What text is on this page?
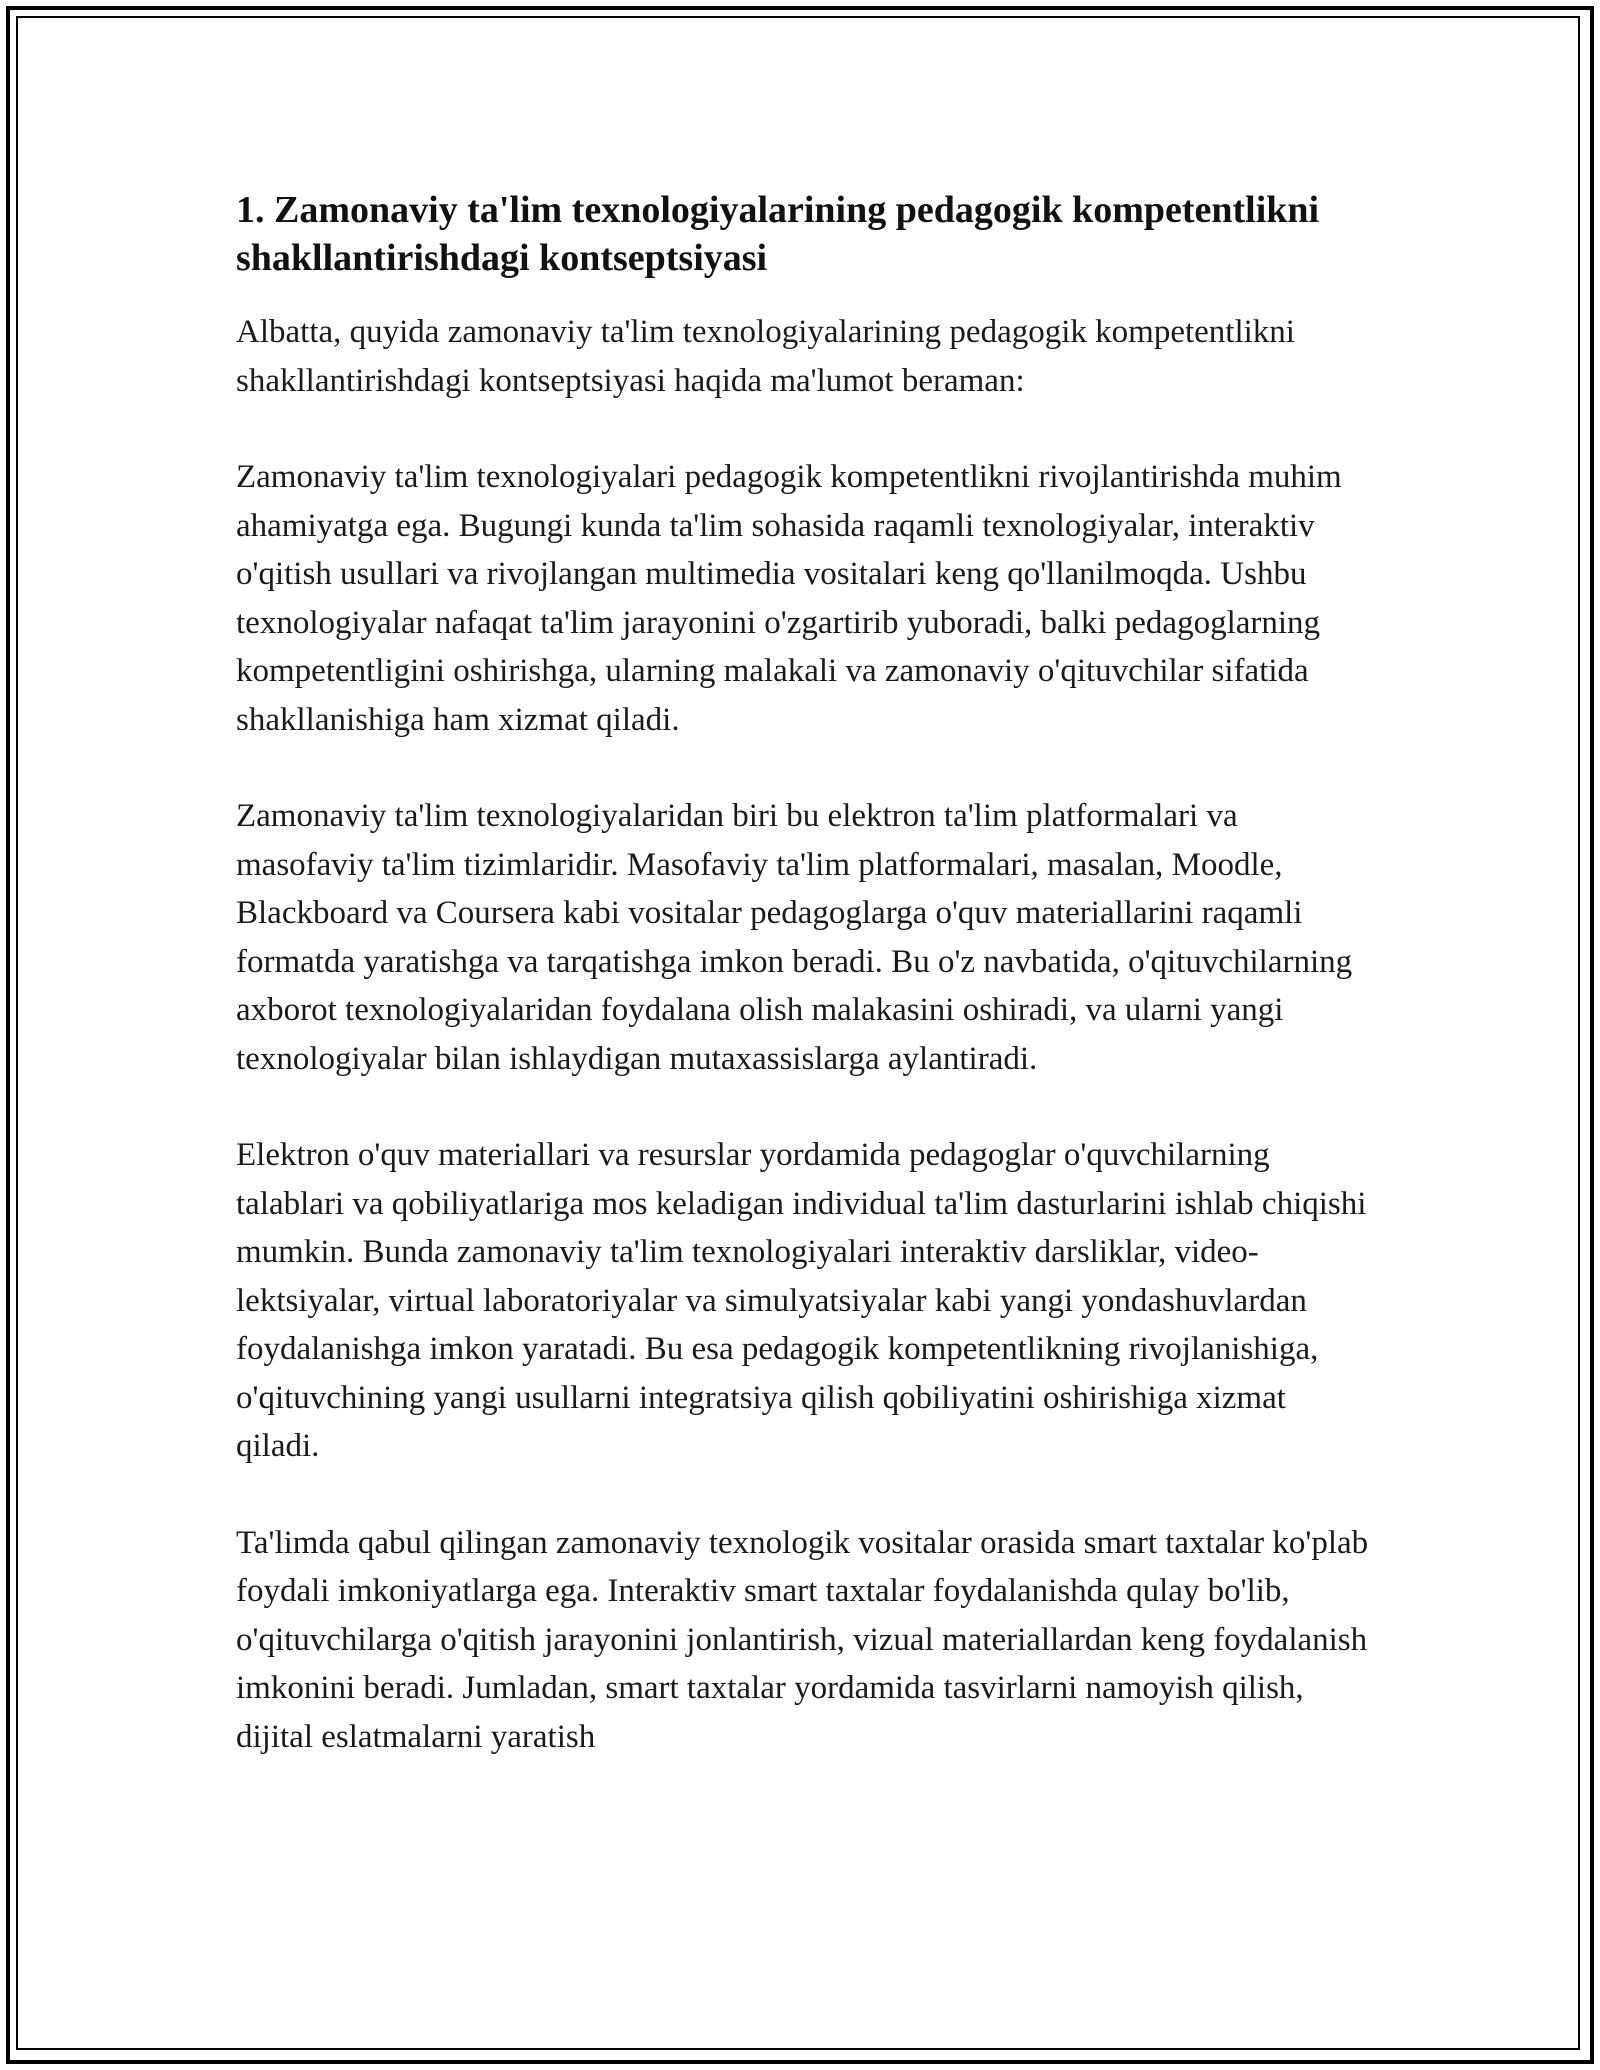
1. Zamonaviy ta'lim texnologiyalarining pedagogik kompetentlikni shakllantirishdagi kontseptsiyasi

Albatta, quyida zamonaviy ta'lim texnologiyalarining pedagogik kompetentlikni shakllantirishdagi kontseptsiyasi haqida ma'lumot beraman:

Zamonaviy ta'lim texnologiyalari pedagogik kompetentlikni rivojlantirishda muhim ahamiyatga ega. Bugungi kunda ta'lim sohasida raqamli texnologiyalar, interaktiv o'qitish usullari va rivojlangan multimedia vositalari keng qo'llanilmoqda. Ushbu texnologiyalar nafaqat ta'lim jarayonini o'zgartirib yuboradi, balki pedagoglarning kompetentligini oshirishga, ularning malakali va zamonaviy o'qituvchilar sifatida shakllanishiga ham xizmat qiladi.

Zamonaviy ta'lim texnologiyalaridan biri bu elektron ta'lim platformalari va masofaviy ta'lim tizimlaridir. Masofaviy ta'lim platformalari, masalan, Moodle, Blackboard va Coursera kabi vositalar pedagoglarga o'quv materiallarini raqamli formatda yaratishga va tarqatishga imkon beradi. Bu o'z navbatida, o'qituvchilarning axborot texnologiyalaridan foydalana olish malakasini oshiradi, va ularni yangi texnologiyalar bilan ishlaydigan mutaxassislarga aylantiradi.

Elektron o'quv materiallari va resurslar yordamida pedagoglar o'quvchilarning talablari va qobiliyatlariga mos keladigan individual ta'lim dasturlarini ishlab chiqishi mumkin. Bunda zamonaviy ta'lim texnologiyalari interaktiv darsliklar, video-lektsiyalar, virtual laboratoriyalar va simulyatsiyalar kabi yangi yondashuvlardan foydalanishga imkon yaratadi. Bu esa pedagogik kompetentlikning rivojlanishiga, o'qituvchining yangi usullarni integratsiya qilish qobiliyatini oshirishiga xizmat qiladi.

Ta'limda qabul qilingan zamonaviy texnologik vositalar orasida smart taxtalar ko'plab foydali imkoniyatlarga ega. Interaktiv smart taxtalar foydalanishda qulay bo'lib, o'qituvchilarga o'qitish jarayonini jonlantirish, vizual materiallardan keng foydalanish imkonini beradi. Jumladan, smart taxtalar yordamida tasvirlarni namoyish qilish, dijital eslatmalarni yaratish
